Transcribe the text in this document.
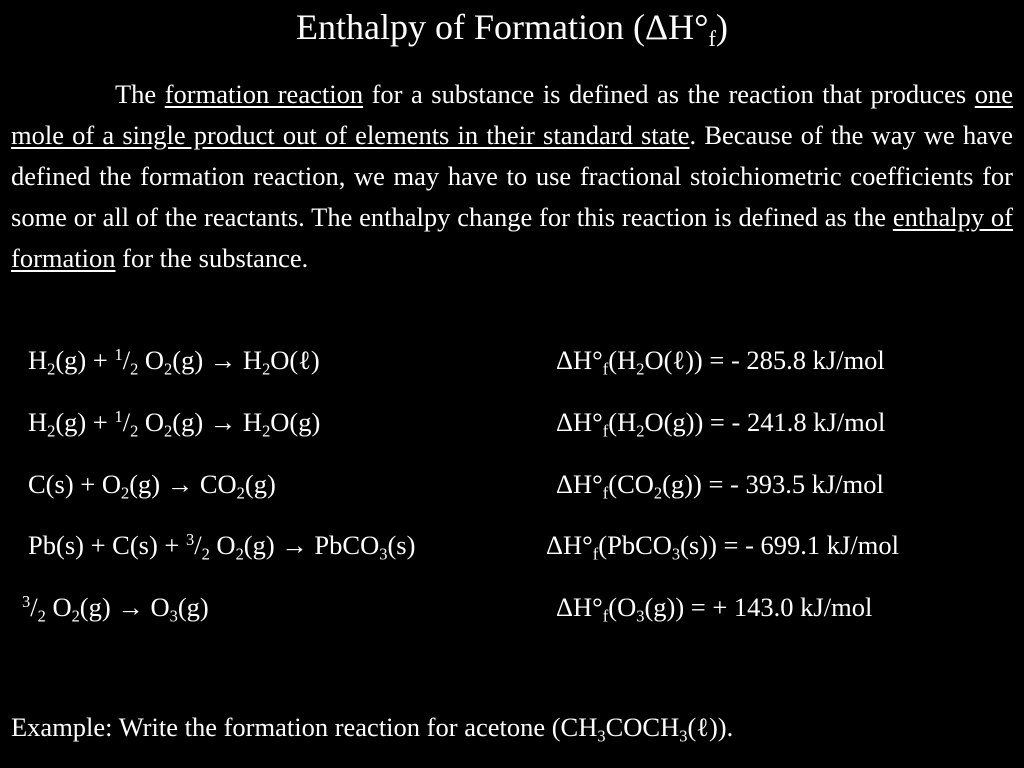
Enthalpy of Formation $(\Delta H^\circ_f)$
The formation reaction for a substance is defined as the reaction that produces one mole of a single product out of elements in their standard state. Because of the way we have defined the formation reaction, we may have to use fractional stoichiometric coefficients for some or all of the reactants. The enthalpy change for this reaction is defined as the enthalpy of formation for the substance.
$H_2(g) + ^1/_2$ $O_2(g)$ → $H_2O(\ell)$	$\Delta H^\circ_f(H_2O(\ell))$ = - 285.8 kJ/mol
$H_2(g) + ^1/_2$ $O_2(g) \to H_2O(g)$	$\Delta H^\circ_f(H_2O(g))$ = - 241.8 kJ/mol
$C(s) + O_2(g) \to CO_2(g)$	$\Delta H^\circ_f(CO_2(g))$ = - 393.5 kJ/mol
$Pb(s) + C(s) + ^3/_2$ $O_2(g)$ → PbCO$_3$(s)	$\Delta H^\circ_f(PbCO_3(s))$ = - 699.1 kJ/mol
$^3/_2$ $O_2(g) \to O_3(g)$	$\Delta H^\circ_f(O_3(g))$ = + 143.0 kJ/mol
Example: Write the formation reaction for acetone $(CH_3COCH_3(\ell))$.
